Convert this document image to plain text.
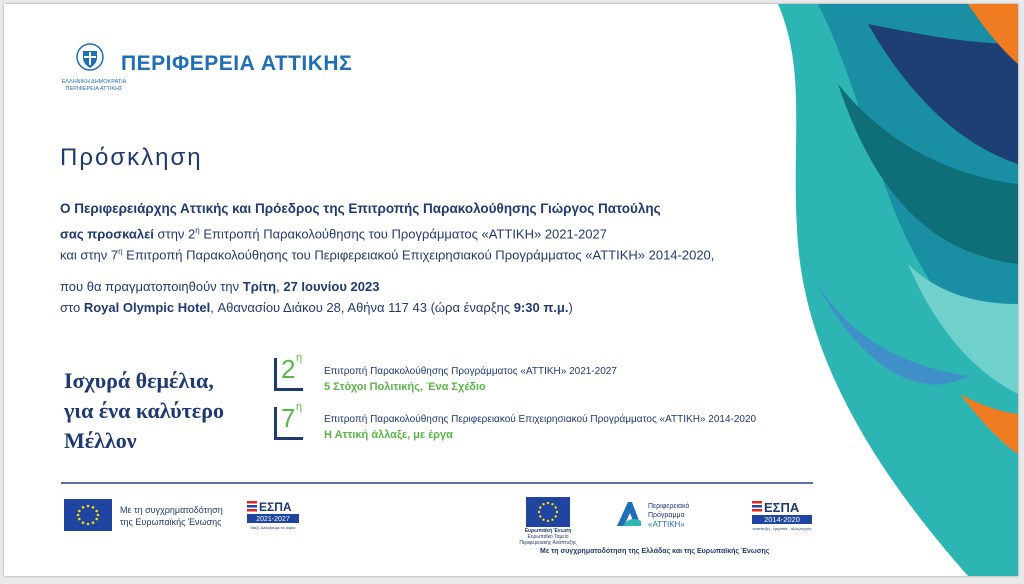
ΠΕΡΙΦΕΡΕΙΑ ΑΤΤΙΚΗΣ
ΕΛΛΗΝΙΚΗ ΔΗΜΟΚΡΑΤΙΑ
ΠΕΡΙΦΕΡΕΙΑ ΑΤΤΙΚΗΣ
Πρόσκληση
Ο Περιφερειάρχης Αττικής και Πρόεδρος της Επιτροπής Παρακολούθησης Γιώργος Πατούλης
σας προσκαλεί στην $2^\eta$ Επιτροπή Παρακολούθησης του Προγράμματος «ΑΤΤΙΚΗ» 2021-2027
και στην $7^\eta$ Επιτροπή Παρακολούθησης του Περιφερειακού Επιχειρησιακού Προγράμματος «ΑΤΤΙΚΗ» 2014-2020,
που θα πραγματοποιηθούν την Τρίτη, 27 Ιουνίου 2023
στο Royal Olympic Hotel, Αθανασίου Διάκου 28, Αθήνα 117 43 (ώρα έναρξης 9:30 π.μ.)
Ισχυρά θεμέλια,
για ένα καλύτερο
Μέλλον
2 η
Επιτροπή Παρακολούθησης Προγράμματος «ΑΤΤΙΚΗ» 2021-2027
5 Στόχοι Πολιτικής, Ένα Σχέδιο
7 η
Επιτροπή Παρακολούθησης Περιφερειακού Επιχειρησιακού Προγράμματος «ΑΤΤΙΚΗ» 2014-2020
Η Αττική άλλαξε, με έργα
Με τη συγχρηματοδότηση
της Ευρωπαϊκής Ένωσης
ΕΣΠΑ
2021-2027
Μαζί. Αλλάζουμε το αύριο
Ευρωπαϊκή Ένωση
Ευρωπαϊκό Ταμείο
Περιφερειακής Ανάπτυξης
Περιφερειακό
Πρόγραμμα
«ΑΤΤΙΚΗ»
ΕΣΠΑ
2014-2020
ανάπτυξη - εργασία - αλληλεγγύη
Με τη συγχρηματοδότηση της Ελλάδας και της Ευρωπαϊκής Ένωσης
